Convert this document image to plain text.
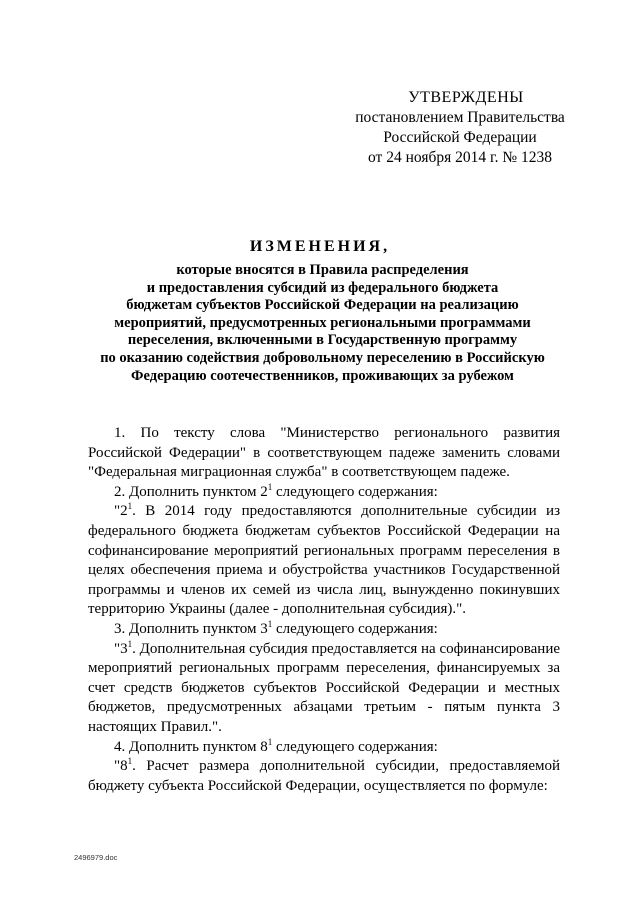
УТВЕРЖДЕНЫ
постановлением Правительства
Российской Федерации
от 24 ноября 2014 г. № 1238
ИЗМЕНЕНИЯ,
которые вносятся в Правила распределения
и предоставления субсидий из федерального бюджета
бюджетам субъектов Российской Федерации на реализацию
мероприятий, предусмотренных региональными программами
переселения, включенными в Государственную программу
по оказанию содействия добровольному переселению в Российскую
Федерацию соотечественников, проживающих за рубежом

1. По тексту слова "Министерство регионального развития Российской Федерации" в соответствующем падеже заменить словами "Федеральная миграционная служба" в соответствующем падеже.

2. Дополнить пунктом $2^1$ следующего содержания:

"$2^1$. В 2014 году предоставляются дополнительные субсидии из федерального бюджета бюджетам субъектов Российской Федерации на софинансирование мероприятий региональных программ переселения в целях обеспечения приема и обустройства участников Государственной программы и членов их семей из числа лиц, вынужденно покинувших территорию Украины (далее - дополнительная субсидия).".

3. Дополнить пунктом $3^1$ следующего содержания:

"$3^1$. Дополнительная субсидия предоставляется на софинансирование мероприятий региональных программ переселения, финансируемых за счет средств бюджетов субъектов Российской Федерации и местных бюджетов, предусмотренных абзацами третьим - пятым пункта 3 настоящих Правил.".

4. Дополнить пунктом $8^1$ следующего содержания:

"$8^1$. Расчет размера дополнительной субсидии, предоставляемой бюджету субъекта Российской Федерации, осуществляется по формуле:

2496979.doc
